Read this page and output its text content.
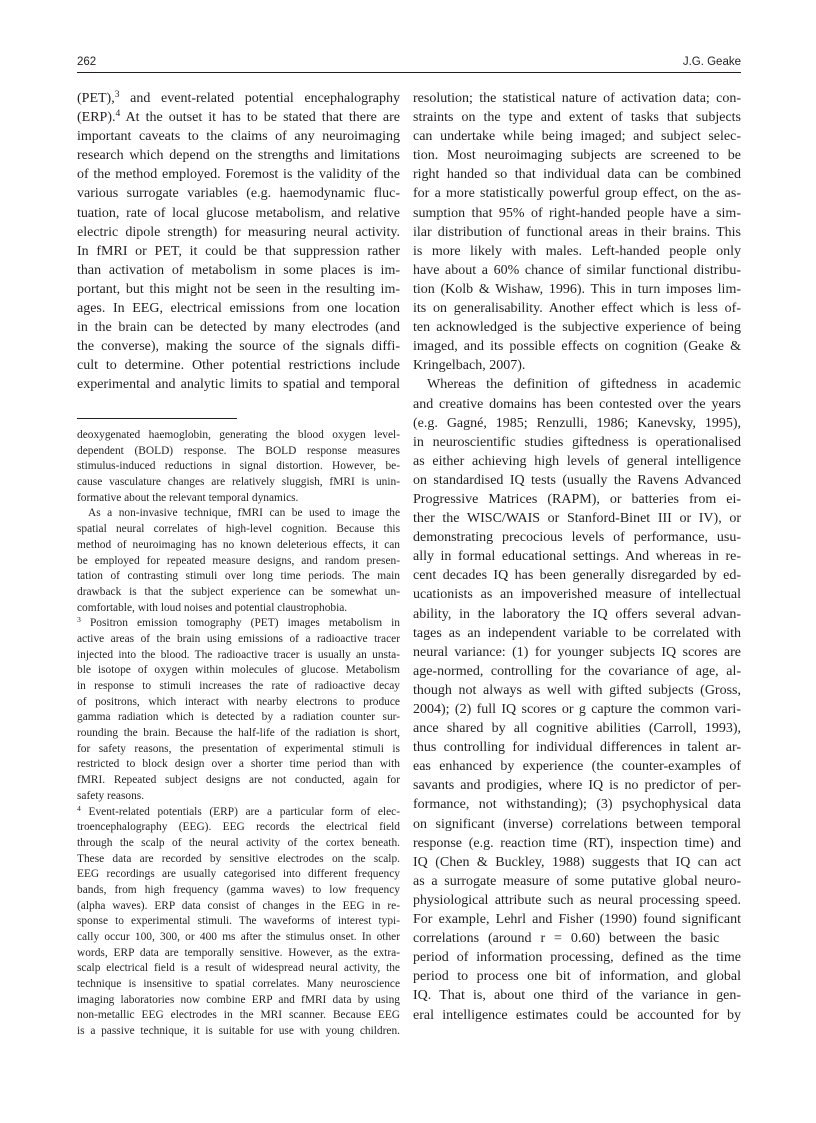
262	J.G. Geake
(PET),$^3$ and event-related potential encephalography
(ERP).$^4$ At the outset it has to be stated that there are
important caveats to the claims of any neuroimaging
research which depend on the strengths and limitations
of the method employed. Foremost is the validity of the
various surrogate variables (e.g. haemodynamic fluc-
tuation, rate of local glucose metabolism, and relative
electric dipole strength) for measuring neural activity.
In fMRI or PET, it could be that suppression rather
than activation of metabolism in some places is im-
portant, but this might not be seen in the resulting im-
ages. In EEG, electrical emissions from one location
in the brain can be detected by many electrodes (and
the converse), making the source of the signals diffi-
cult to determine. Other potential restrictions include
experimental and analytic limits to spatial and temporal
deoxygenated haemoglobin, generating the blood oxygen level-
dependent (BOLD) response. The BOLD response measures
stimulus-induced reductions in signal distortion. However, be-
cause vasculature changes are relatively sluggish, fMRI is unin-
formative about the relevant temporal dynamics.
As a non-invasive technique, fMRI can be used to image the
spatial neural correlates of high-level cognition. Because this
method of neuroimaging has no known deleterious effects, it can
be employed for repeated measure designs, and random presen-
tation of contrasting stimuli over long time periods. The main
drawback is that the subject experience can be somewhat un-
comfortable, with loud noises and potential claustrophobia.
$^3$ Positron emission tomography (PET) images metabolism in
active areas of the brain using emissions of a radioactive tracer
injected into the blood. The radioactive tracer is usually an unsta-
ble isotope of oxygen within molecules of glucose. Metabolism
in response to stimuli increases the rate of radioactive decay
of positrons, which interact with nearby electrons to produce
gamma radiation which is detected by a radiation counter sur-
rounding the brain. Because the half-life of the radiation is short,
for safety reasons, the presentation of experimental stimuli is
restricted to block design over a shorter time period than with
fMRI. Repeated subject designs are not conducted, again for
safety reasons.
$^4$ Event-related potentials (ERP) are a particular form of elec-
troencephalography (EEG). EEG records the electrical field
through the scalp of the neural activity of the cortex beneath.
These data are recorded by sensitive electrodes on the scalp.
EEG recordings are usually categorised into different frequency
bands, from high frequency (gamma waves) to low frequency
(alpha waves). ERP data consist of changes in the EEG in re-
sponse to experimental stimuli. The waveforms of interest typi-
cally occur 100, 300, or 400 ms after the stimulus onset. In other
words, ERP data are temporally sensitive. However, as the extra-
scalp electrical field is a result of widespread neural activity, the
technique is insensitive to spatial correlates. Many neuroscience
imaging laboratories now combine ERP and fMRI data by using
non-metallic EEG electrodes in the MRI scanner. Because EEG
is a passive technique, it is suitable for use with young children.
resolution; the statistical nature of activation data; con-
straints on the type and extent of tasks that subjects
can undertake while being imaged; and subject selec-
tion. Most neuroimaging subjects are screened to be
right handed so that individual data can be combined
for a more statistically powerful group effect, on the as-
sumption that 95% of right-handed people have a sim-
ilar distribution of functional areas in their brains. This
is more likely with males. Left-handed people only
have about a 60% chance of similar functional distribu-
tion (Kolb & Wishaw, 1996). This in turn imposes lim-
its on generalisability. Another effect which is less of-
ten acknowledged is the subjective experience of being
imaged, and its possible effects on cognition (Geake &
Kringelbach, 2007).
Whereas the definition of giftedness in academic
and creative domains has been contested over the years
(e.g. Gagné, 1985; Renzulli, 1986; Kanevsky, 1995),
in neuroscientific studies giftedness is operationalised
as either achieving high levels of general intelligence
on standardised IQ tests (usually the Ravens Advanced
Progressive Matrices (RAPM), or batteries from ei-
ther the WISC/WAIS or Stanford-Binet III or IV), or
demonstrating precocious levels of performance, usu-
ally in formal educational settings. And whereas in re-
cent decades IQ has been generally disregarded by ed-
ucationists as an impoverished measure of intellectual
ability, in the laboratory the IQ offers several advan-
tages as an independent variable to be correlated with
neural variance: (1) for younger subjects IQ scores are
age-normed, controlling for the covariance of age, al-
though not always as well with gifted subjects (Gross,
2004); (2) full IQ scores or g capture the common vari-
ance shared by all cognitive abilities (Carroll, 1993),
thus controlling for individual differences in talent ar-
eas enhanced by experience (the counter-examples of
savants and prodigies, where IQ is no predictor of per-
formance, not withstanding); (3) psychophysical data
on significant (inverse) correlations between temporal
response (e.g. reaction time (RT), inspection time) and
IQ (Chen & Buckley, 1988) suggests that IQ can act
as a surrogate measure of some putative global neuro-
physiological attribute such as neural processing speed.
For example, Lehrl and Fisher (1990) found significant
correlations (around r = 0.60) between the basic
period of information processing, defined as the time
period to process one bit of information, and global
IQ. That is, about one third of the variance in gen-
eral intelligence estimates could be accounted for by
